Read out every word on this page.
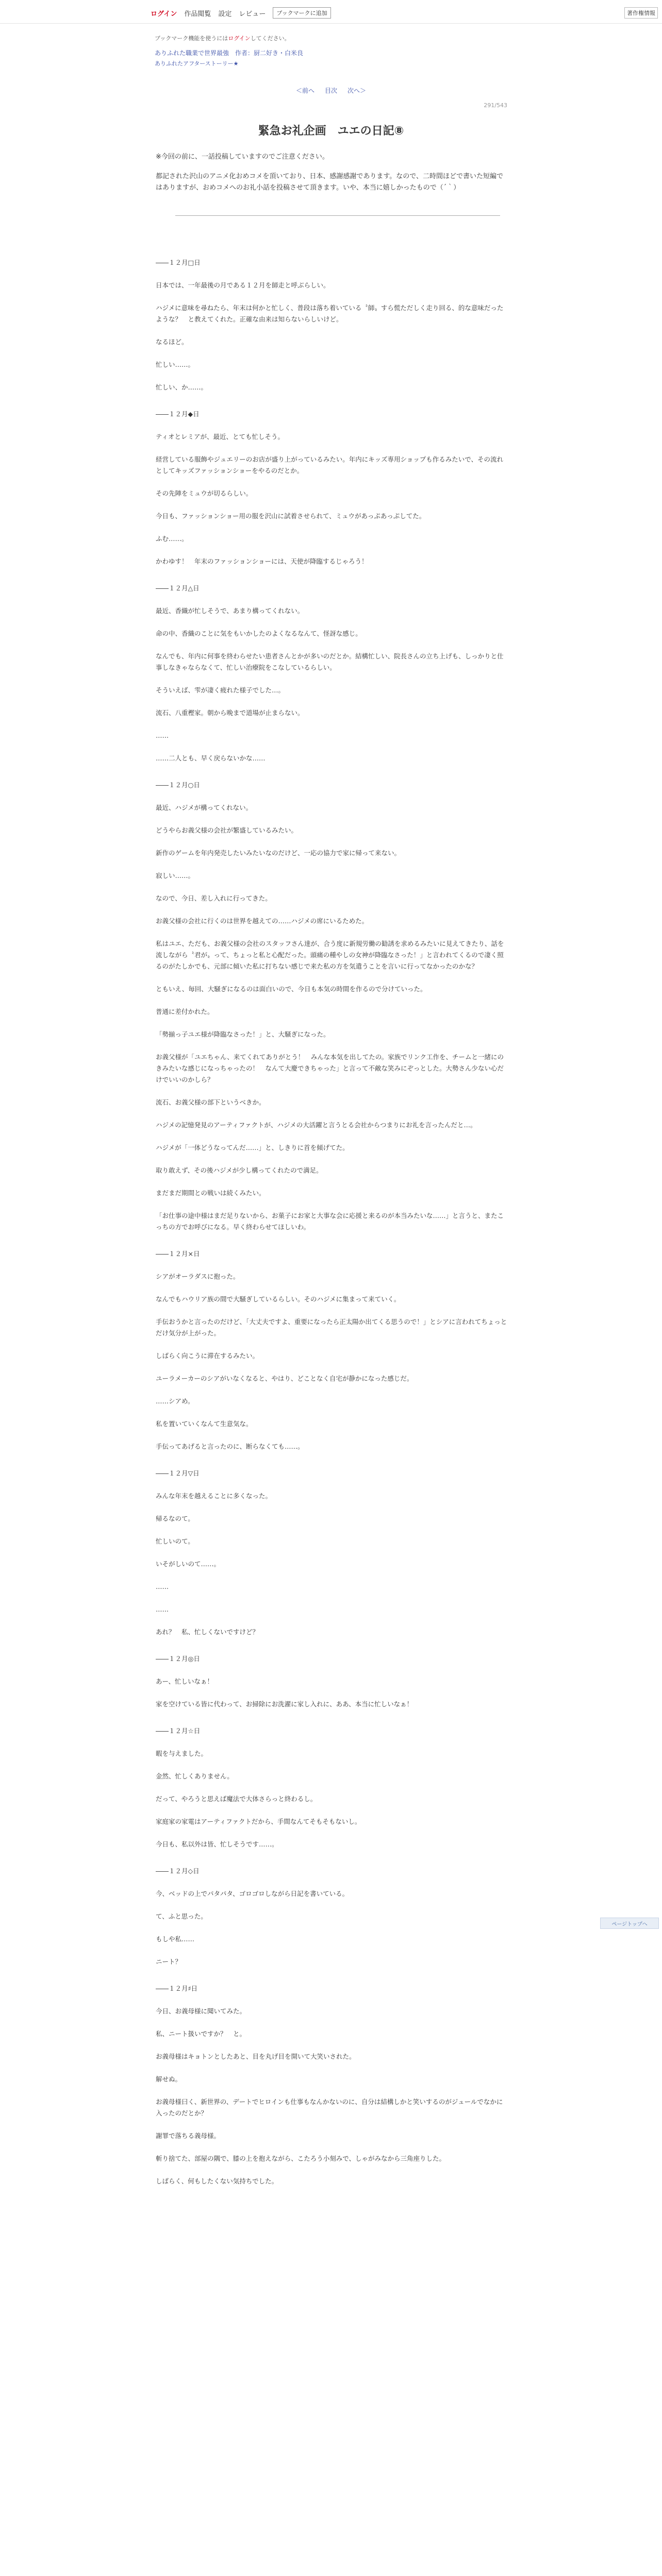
ログイン 作品閲覧 設定 レビュー	ブックマークに追加	著作権情報
ブックマーク機能を使うにはログインしてください。
ありふれた職業で世界最強　作者：厨二好き・白米良
ありふれたアフターストーリー★
＜前へ 目次 次へ＞
291/543
緊急お礼企画　ユエの日記⑧

※今回の前に、一話投稿していますのでご注意ください。

都記された沢山のアニメ化おめコメを頂いており、日本、感謝感謝であります。なので、二時間ほどで書いた短編ではありますが、おめコメへのお礼小話を投稿させて頂きます。いや、本当に嬉しかったもので（´｀）

――１２月□日
日本では、一年最後の月である１２月を師走と呼ぶらしい。
ハジメに意味を尋ねたら、年末は何かと忙しく、普段は落ち着いている〝師〟すら慌ただしく走り回る、的な意味だったような？　と教えてくれた。正確な由来は知らないらしいけど。
なるほど。
忙しい……。
忙しい、か……。
――１２月◆日
ティオとレミアが、最近、とても忙しそう。
経営している服飾やジュエリーのお店が盛り上がっているみたい。年内にキッズ専用ショップも作るみたいで、その流れとしてキッズファッションショーをやるのだとか。
その先陣をミュウが切るらしい。
今日も、ファッションショー用の服を沢山に試着させられて、ミュウがあっぷあっぷしてた。
ふむ……。
かわゆす！　年末のファッションショーには、天使が降臨するじゃろう！
――１２月△日
最近、香織が忙しそうで、あまり構ってくれない。
命の中、香織のことに気をもいかしたのよくなるなんて、怪訝な感じ。
なんでも、年内に何事を終わらせたい患者さんとかが多いのだとか。結構忙しい、院長さんの立ち上げも、しっかりと仕事しなきゃならなくて、忙しい治療院をこなしているらしい。
そういえば、雫が凄く疲れた様子でした…。
流石、八重樫家。朝から晩まで道場が止まらない。
……
……二人とも、早く戻らないかな……
――１２月○日
最近、ハジメが構ってくれない。
どうやらお義父様の会社が繁盛しているみたい。
新作のゲームを年内発売したいみたいなのだけど、一応の協力で家に帰って来ない。
寂しい……。
なので、今日、差し入れに行ってきた。
お義父様の会社に行くのは世界を越えての……ハジメの席にいるためた。
私はユエ、ただも、お義父様の会社のスタッフさん達が、合う度に新規労働の勧誘を求めるみたいに見えてきたり、話を流しながら〝君が〟って、ちょっと私と心配だった。頭痛の種やしの女神が降臨なさった！」と言われてくるので凄く照るのがたしかでも、元部に傾いた私に打ちない感じで来た私の方を気遣うことを言いに行ってなかったのかな？
ともいえ、毎回、大騒ぎになるのは面白いので、今日も本気の時間を作るので分けていった。
普通に差付かれた。
「勢揃っ子ユエ様が降臨なさった！」と、大騒ぎになった。
お義父様が「ユエちゃん、来てくれてありがとう！　みんな本気を出してたの。家族でリンク工作を、チームと一緒にのきみたいな感じになっちゃったの！　なんて大慶できちゃった」と言って不敵な笑みにぞっとした。大勢さん少ない心だけでいいのかしら？
流石、お義父様の部下というべきか。
ハジメの記憶発見のアーティファクトが、ハジメの大活躍と言うとる会社からつまりにお礼を言ったんだと…。
ハジメが「一体どうなってんだ……」と、しきりに首を傾げてた。
取り敢えず、その後ハジメが少し構ってくれたので満足。
まだまだ期間との戦いは続くみたい。
「お仕事の途中様はまだ足りないから、お菓子にお家と大事な会に応援と来るのが本当みたいな……」と言うと、またこっちの方でお呼びになる。早く終わらせてほしいわ。
――１２月×日
シアがオーラダスに抱った。
なんでもハウリア族の間で大騒ぎしているらしい。そのハジメに集まって来ていく。
手伝おうかと言ったのだけど、「大丈夫ですよ、重要になったら正太陽か出てくる思うので！」とシアに言われてちょっとだけ気分が上がった。
しばらく向こうに滞在するみたい。
ユーラメーカーのシアがいなくなると、やはり、どことなく自宅が静かになった感じだ。
……シアめ。
私を置いていくなんて生意気な。
手伝ってあげると言ったのに、断らなくても……。
――１２月▽日
みんな年末を越えることに多くなった。
帰るなのて。
忙しいのて。
いそがしいのて……。
……
……
あれ？　私、忙しくないですけど？
――１２月◎日
あー、忙しいなぁ！
家を空けている皆に代わって、お掃除にお洗濯に家し入れに、ああ、本当に忙しいなぁ！
――１２月☆日
暇を与えました。
金然、忙しくありません。
だって、やろうと思えば魔法で大体さらっと終わるし。
家庭家の家電はアーティファクトだから、手間なんてそもそもないし。
今日も、私以外は皆、忙しそうです……。
――１２月◇日
今、ベッドの上でパタパタ、ゴロゴロしながら日記を書いている。
て、ふと思った。
もしや私……
ニート？
――１２月♯日
今日、お義母様に聞いてみた。
私、ニート扱いですか？　と。
お義母様はキョトンとしたあと、目を丸げ目を開いて大笑いされた。
解せぬ。
お義母様曰く、新世界の、デートでヒロインも仕事もなんかないのに、自分は結構しかと笑いするのがジュールでなかに入ったのだとか？
謝罪で落ちる義母様。
斬り捨てた、部屋の隅で、膝の上を抱えながら、こたろう小刻みで、しゃがみなから三角座りした。
しばらく、何もしたくない気持ちでした。
ページトップへ
